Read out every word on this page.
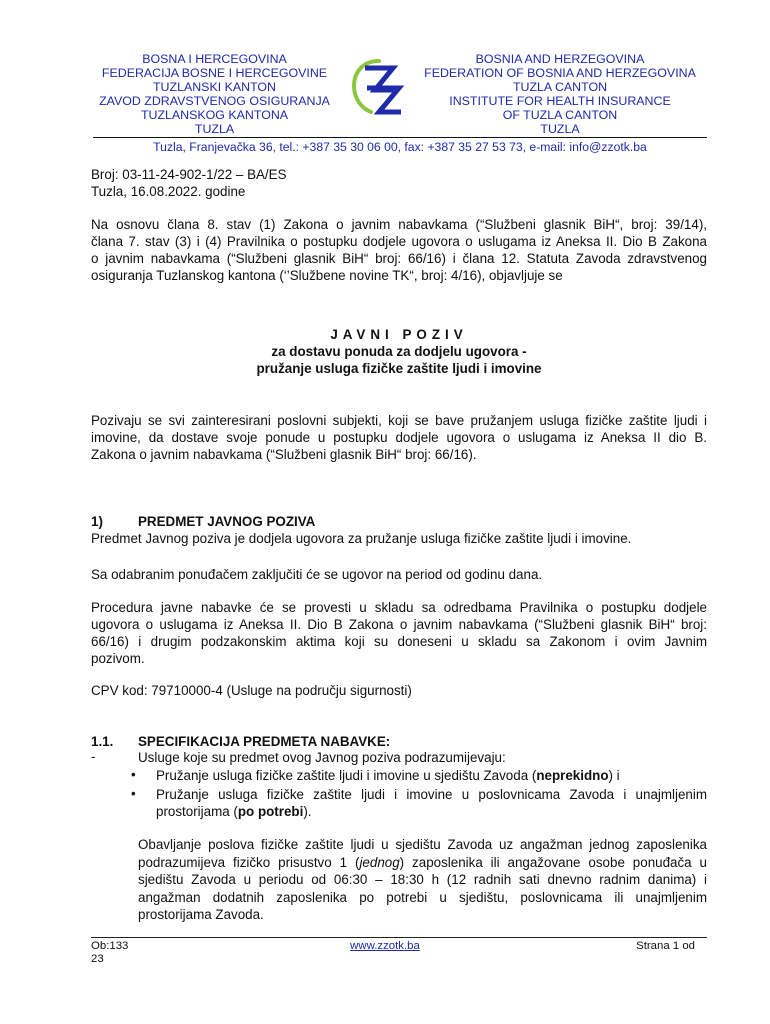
BOSNA I HERCEGOVINA
FEDERACIJA BOSNE I HERCEGOVINE
TUZLANSKI KANTON
ZAVOD ZDRAVSTVENOG OSIGURANJA
TUZLANSKOG KANTONA
TUZLA
BOSNIA AND HERZEGOVINA
FEDERATION OF BOSNIA AND HERZEGOVINA
TUZLA CANTON
INSTITUTE FOR HEALTH INSURANCE
OF TUZLA CANTON
TUZLA
Tuzla, Franjevačka 36, tel.: +387 35 30 06 00, fax: +387 35 27 53 73, e-mail: info@zzotk.ba
Broj: 03-11-24-902-1/22 – BA/ES
Tuzla, 16.08.2022. godine
Na osnovu člana 8. stav (1) Zakona o javnim nabavkama (“Službeni glasnik BiH“, broj: 39/14),
člana 7. stav (3) i (4) Pravilnika o postupku dodjele ugovora o uslugama iz Aneksa II. Dio B Zakona
o javnim nabavkama (“Službeni glasnik BiH“ broj: 66/16) i člana 12. Statuta Zavoda zdravstvenog
osiguranja Tuzlanskog kantona (‘’Službene novine TK“, broj: 4/16), objavljuje se
JAVNI POZIV
za dostavu ponuda za dodjelu ugovora -
pružanje usluga fizičke zaštite ljudi i imovine
Pozivaju se svi zainteresirani poslovni subjekti, koji se bave pružanjem usluga fizičke zaštite ljudi i
imovine, da dostave svoje ponude u postupku dodjele ugovora o uslugama iz Aneksa II dio B.
Zakona o javnim nabavkama (“Službeni glasnik BiH“ broj: 66/16).
1)	PREDMET JAVNOG POZIVA
Predmet Javnog poziva je dodjela ugovora za pružanje usluga fizičke zaštite ljudi i imovine.
Sa odabranim ponuđačem zaključiti će se ugovor na period od godinu dana.
Procedura javne nabavke će se provesti u skladu sa odredbama Pravilnika o postupku dodjele
ugovora o uslugama iz Aneksa II. Dio B Zakona o javnim nabavkama (“Službeni glasnik BiH“ broj:
66/16) i drugim podzakonskim aktima koji su doneseni u skladu sa Zakonom i ovim Javnim
pozivom.
CPV kod: 79710000-4 (Usluge na području sigurnosti)
1.1. SPECIFIKACIJA PREDMETA NABAVKE:
-	Usluge koje su predmet ovog Javnog poziva podrazumijevaju:
• Pružanje usluga fizičke zaštite ljudi i imovine u sjedištu Zavoda (neprekidno) i
• Pružanje usluga fizičke zaštite ljudi i imovine u poslovnicama Zavoda i unajmljenim
prostorijama (po potrebi).
Obavljanje poslova fizičke zaštite ljudi u sjedištu Zavoda uz angažman jednog zaposlenika
podrazumijeva fizičko prisustvo 1 (jednog) zaposlenika ili angažovane osobe ponuđača u
sjedištu Zavoda u periodu od 06:30 – 18:30 h (12 radnih sati dnevno radnim danima) i
angažman dodatnih zaposlenika po potrebi u sjedištu, poslovnicama ili unajmljenim
prostorijama Zavoda.
Ob:133
23
www.zzotk.ba	Strana 1 od
